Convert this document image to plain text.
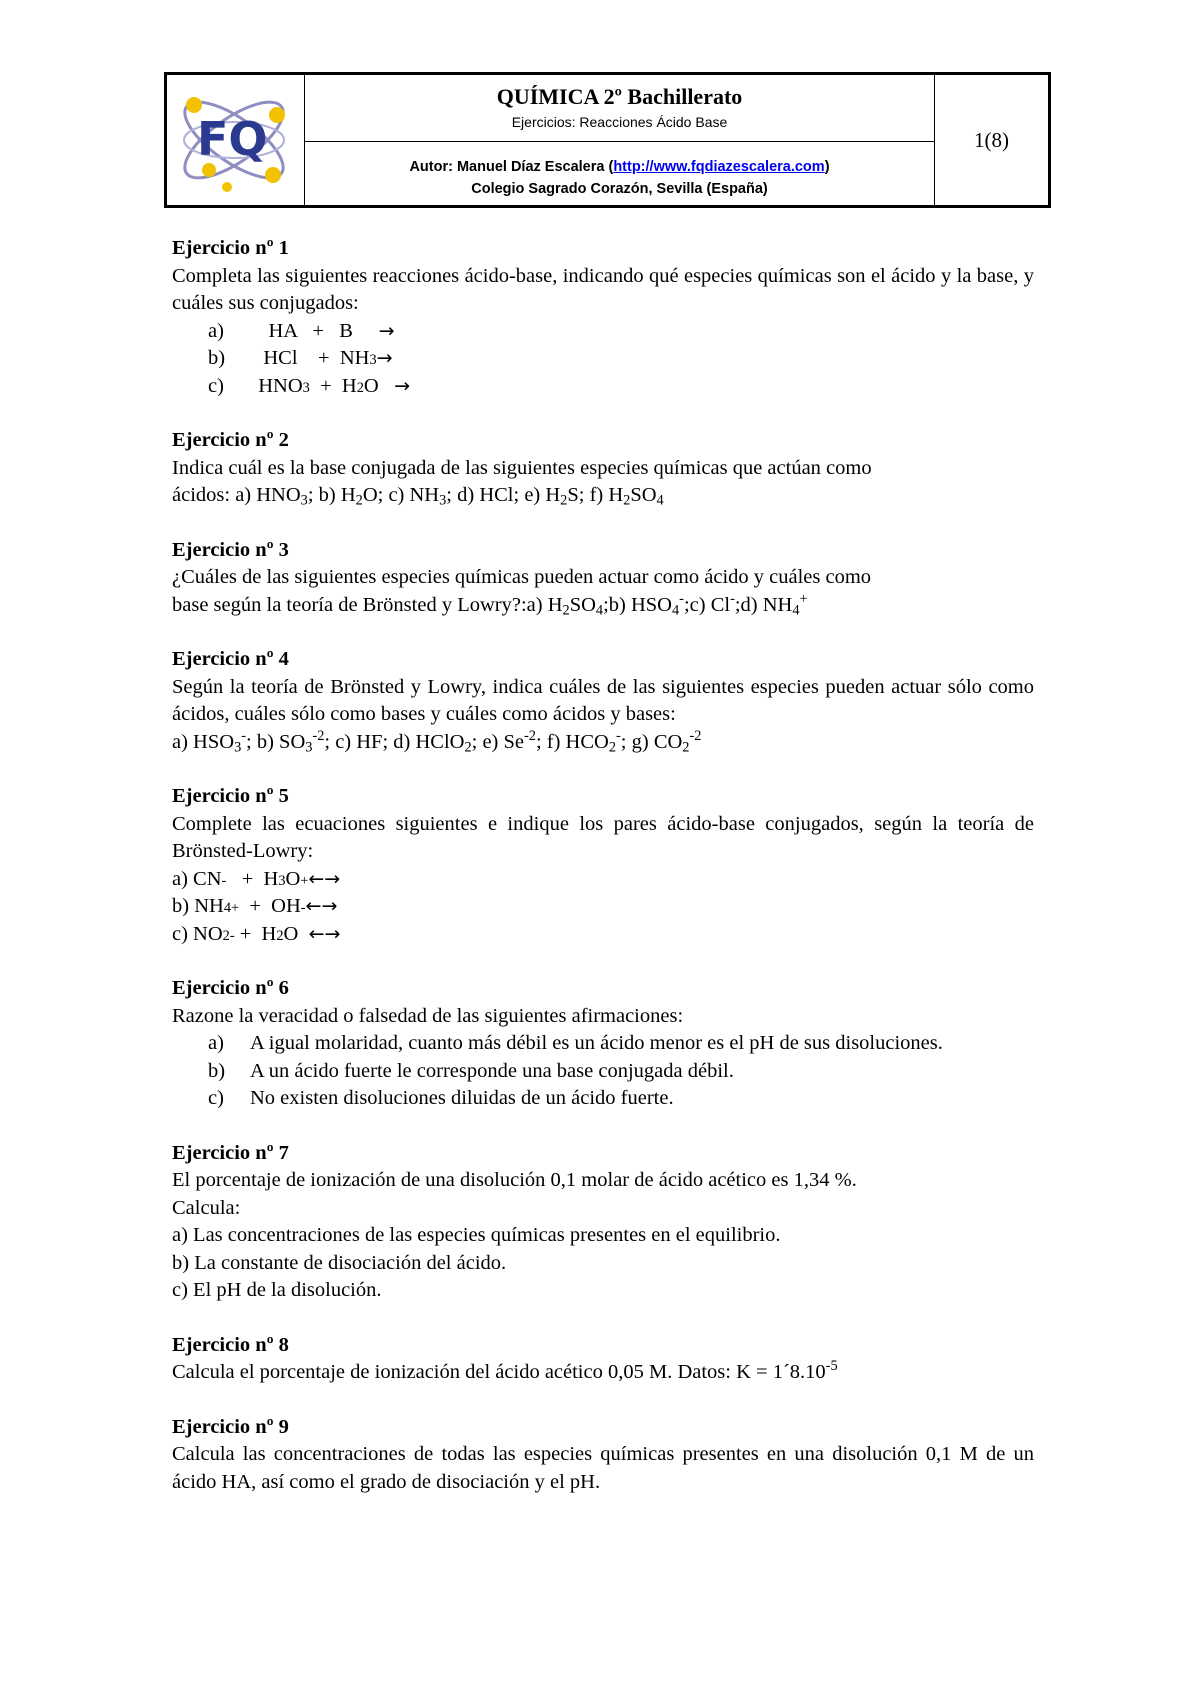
FQ
QUÍMICA 2º Bachillerato
Ejercicios: Reacciones Ácido Base
Autor: Manuel Díaz Escalera (http://www.fqdiazescalera.com)
Colegio Sagrado Corazón, Sevilla (España)
1(8)
Ejercicio nº 1
Completa las siguientes reacciones ácido-base, indicando qué especies químicas son el ácido y la base, y cuáles sus conjugados:
a)	HA   +   B →
b)	HCl    +  NH 3 →
c)	HNO 3 +  H 2 O →
Ejercicio nº 2
Indica cuál es la base conjugada de las siguientes especies químicas que actúan como
ácidos: a) $HNO_3$; b) $H_2O$; c) $NH_3$; d) HCl; e) $H_2S$; f) $H_2SO_4$
Ejercicio nº 3
¿Cuáles de las siguientes especies químicas pueden actuar como ácido y cuáles como
base según la teoría de Brönsted y Lowry?:a) $H_2SO_4;b$) $HSO_4^-;c$) Cl-;d) $NH_4^+$
Ejercicio nº 4
Según la teoría de Brönsted y Lowry, indica cuáles de las siguientes especies pueden actuar sólo como ácidos, cuáles sólo como bases y cuáles como ácidos y bases:
a) $HSO_3^-$; b) $SO_3^{-2}$; c) HF; d) HClO$_2$; e) $Se^{-2}$; f) $HCO_2^-$; g) $CO_2^{-2}$
Ejercicio nº 5
Complete las ecuaciones siguientes e indique los pares ácido-base conjugados, según la teoría de Brönsted-Lowry:
a) CN - +  H 3 O + ←→
b) NH 4 + +  OH - ←→
c) NO 2 - +  H 2 O ←→
Ejercicio nº 6
Razone la veracidad o falsedad de las siguientes afirmaciones:
a)	A igual molaridad, cuanto más débil es un ácido menor es el pH de sus disoluciones.
b)	A un ácido fuerte le corresponde una base conjugada débil.
c)	No existen disoluciones diluidas de un ácido fuerte.
Ejercicio nº 7
El porcentaje de ionización de una disolución 0,1 molar de ácido acético es 1,34 %.
Calcula:
a) Las concentraciones de las especies químicas presentes en el equilibrio.
b) La constante de disociación del ácido.
c) El pH de la disolución.
Ejercicio nº 8
Calcula el porcentaje de ionización del ácido acético 0,05 M. Datos: $K = 1´8.10^{-5}$
Ejercicio nº 9
Calcula las concentraciones de todas las especies químicas presentes en una disolución 0,1 M de un ácido HA, así como el grado de disociación y el pH.
